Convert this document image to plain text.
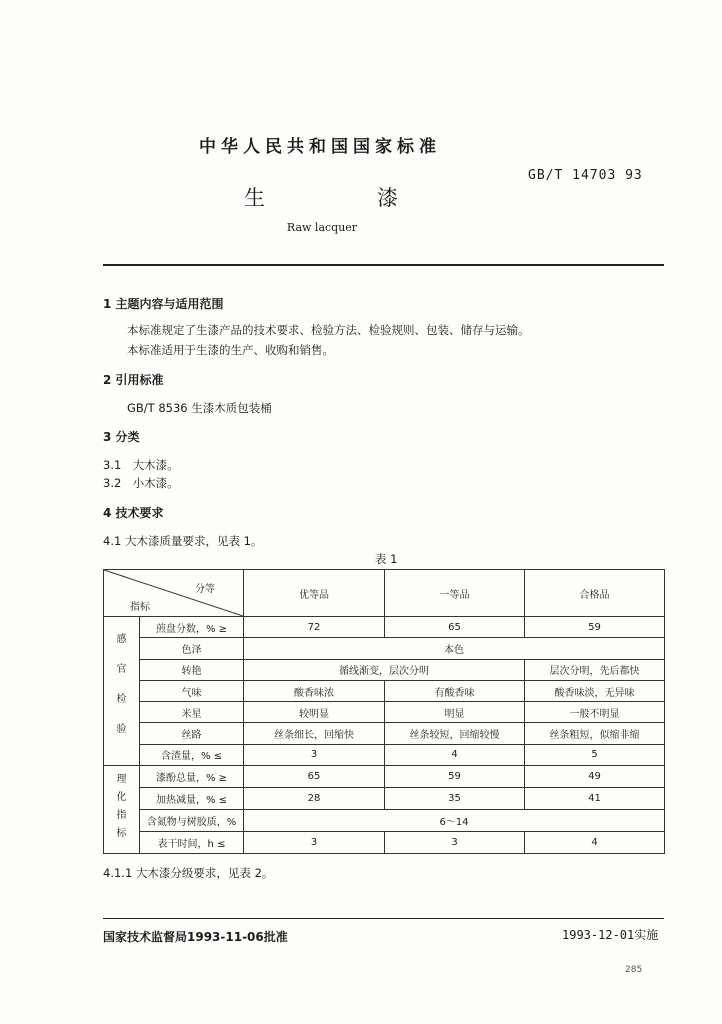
中华人民共和国国家标准
GB/T 14703 93
生	漆
Raw lacquer
1 主题内容与适用范围
本标准规定了生漆产品的技术要求、检验方法、检验规则、包装、储存与运输。
本标准适用于生漆的生产、收购和销售。
2 引用标准
GB/T 8536 生漆木质包装桶
3 分类
3.1 大木漆。
3.2 小木漆。
4 技术要求
4.1 大木漆质量要求，见表 1。
表 1
分等
指标		优等品	一等品	合格品

感
官
检
验	煎盘分数，% ≥	72	65	59
	色泽	本色		
	转艳	循线渐变，层次分明		层次分明，先后都快
	气味	酸香味浓	有酸香味	酸香味淡，无异味
	米星	较明显	明显	一般不明显
	丝路	丝条细长，回缩快	丝条较短，回缩较慢	丝条粗短，似缩非缩
	含渣量，% ≤	3	4	5

理
化
指
标	漆酚总量，% ≥	65	59	49
	加热减量，% ≤	28	35	41
	含氮物与树胶质，%	6～14		
	表干时间，h ≤	3	3	4
4.1.1 大木漆分级要求，见表 2。
国家技术监督局1993-11-06批准	1993-12-01实施
285
